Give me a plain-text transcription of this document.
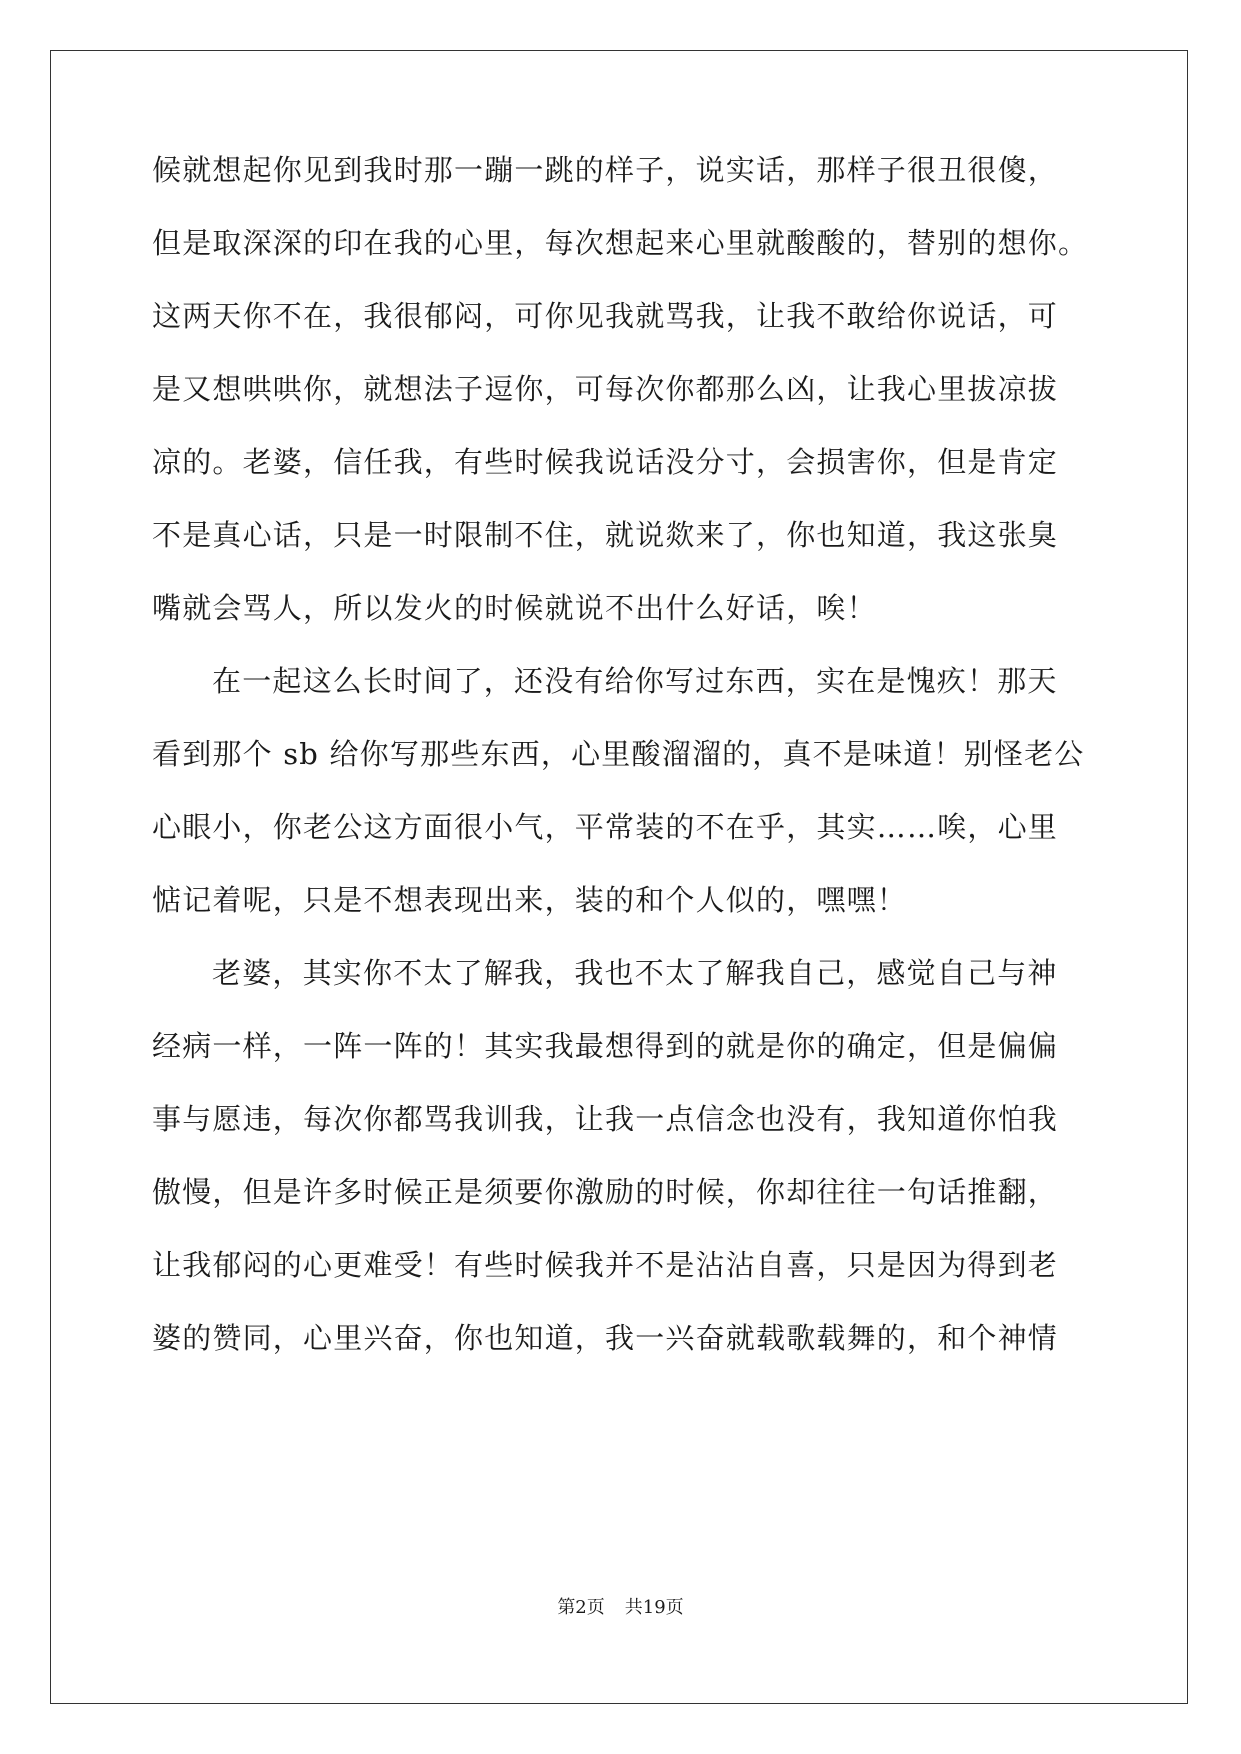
候就想起你见到我时那一蹦一跳的样子，说实话，那样子很丑很傻，
但是取深深的印在我的心里，每次想起来心里就酸酸的，替别的想你。
这两天你不在，我很郁闷，可你见我就骂我，让我不敢给你说话，可
是又想哄哄你，就想法子逗你，可每次你都那么凶，让我心里拔凉拔
凉的。老婆，信任我，有些时候我说话没分寸，会损害你，但是肯定
不是真心话，只是一时限制不住，就说欻来了，你也知道，我这张臭
嘴就会骂人，所以发火的时候就说不出什么好话，唉！
在一起这么长时间了，还没有给你写过东西，实在是愧疚！那天
看到那个 sb 给你写那些东西，心里酸溜溜的，真不是味道！别怪老公
心眼小，你老公这方面很小气，平常装的不在乎，其实……唉，心里
惦记着呢，只是不想表现出来，装的和个人似的，嘿嘿！
老婆，其实你不太了解我，我也不太了解我自己，感觉自己与神
经病一样，一阵一阵的！其实我最想得到的就是你的确定，但是偏偏
事与愿违，每次你都骂我训我，让我一点信念也没有，我知道你怕我
傲慢，但是许多时候正是须要你激励的时候，你却往往一句话推翻，
让我郁闷的心更难受！有些时候我并不是沾沾自喜，只是因为得到老
婆的赞同，心里兴奋，你也知道，我一兴奋就载歌载舞的，和个神情
第2页 共19页
